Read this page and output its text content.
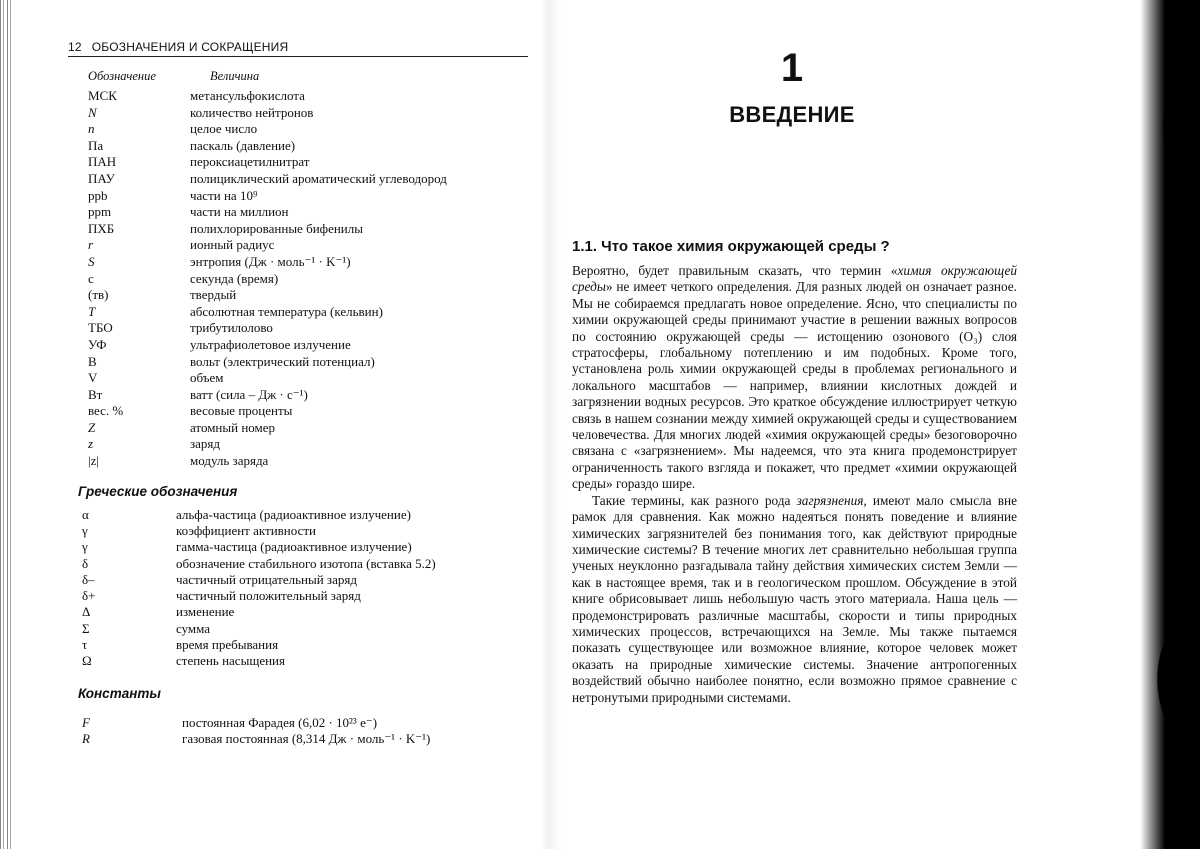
12 ОБОЗНАЧЕНИЯ И СОКРАЩЕНИЯ
Обозначение	Величина
МСК	метансульфокислота
N	количество нейтронов
n	целое число
Па	паскаль (давление)
ПАН	пероксиацетилнитрат
ПАУ	полициклический ароматический углеводород
ppb	части на 10⁹
ppm	части на миллион
ПХБ	полихлорированные бифенилы
r	ионный радиус
S	энтропия (Дж · моль⁻¹ · K⁻¹)
с	секунда (время)
(тв)	твердый
T	абсолютная температура (кельвин)
ТБО	трибутилолово
УФ	ультрафиолетовое излучение
В	вольт (электрический потенциал)
V	объем
Вт	ватт (сила – Дж · с⁻¹)
вес. %	весовые проценты
Z	атомный номер
z	заряд
|z|	модуль заряда
Греческие обозначения
α	альфа-частица (радиоактивное излучение)
γ	коэффициент активности
γ	гамма-частица (радиоактивное излучение)
δ	обозначение стабильного изотопа (вставка 5.2)
δ–	частичный отрицательный заряд
δ+	частичный положительный заряд
Δ	изменение
Σ	сумма
τ	время пребывания
Ω	степень насыщения
Константы
F	постоянная Фарадея (6,02 · 10²³ e⁻)
R	газовая постоянная (8,314 Дж · моль⁻¹ · K⁻¹)
1
ВВЕДЕНИЕ
1.1. Что такое химия окружающей среды ?

Вероятно, будет правильным сказать, что термин «химия окружающей среды» не имеет четкого определения. Для разных людей он означает разное. Мы не собираемся предлагать новое определение. Ясно, что специалисты по химии окружающей среды принимают участие в решении важных вопросов по состоянию окружающей среды — истощению озонового (O₃) слоя стратосферы, глобальному потеплению и им подобных. Кроме того, установлена роль химии окружающей среды в проблемах регионального и локального масштабов — например, влиянии кислотных дождей и загрязнении водных ресурсов. Это краткое обсуждение иллюстрирует четкую связь в нашем сознании между химией окружающей среды и существованием человечества. Для многих людей «химия окружающей среды» безоговорочно связана с «загрязнением». Мы надеемся, что эта книга продемонстрирует ограниченность такого взгляда и покажет, что предмет «химии окружающей среды» гораздо шире.

Такие термины, как разного рода загрязнения, имеют мало смысла вне рамок для сравнения. Как можно надеяться понять поведение и влияние химических загрязнителей без понимания того, как действуют природные химические системы? В течение многих лет сравнительно небольшая группа ученых неуклонно разгадывала тайну действия химических систем Земли — как в настоящее время, так и в геологическом прошлом. Обсуждение в этой книге обрисовывает лишь небольшую часть этого материала. Наша цель — продемонстрировать различные масштабы, скорости и типы природных химических процессов, встречающихся на Земле. Мы также пытаемся показать существующее или возможное влияние, которое человек может оказать на природные химические системы. Значение антропогенных воздействий обычно наиболее понятно, если возможно прямое сравнение с нетронутыми природными системами.
